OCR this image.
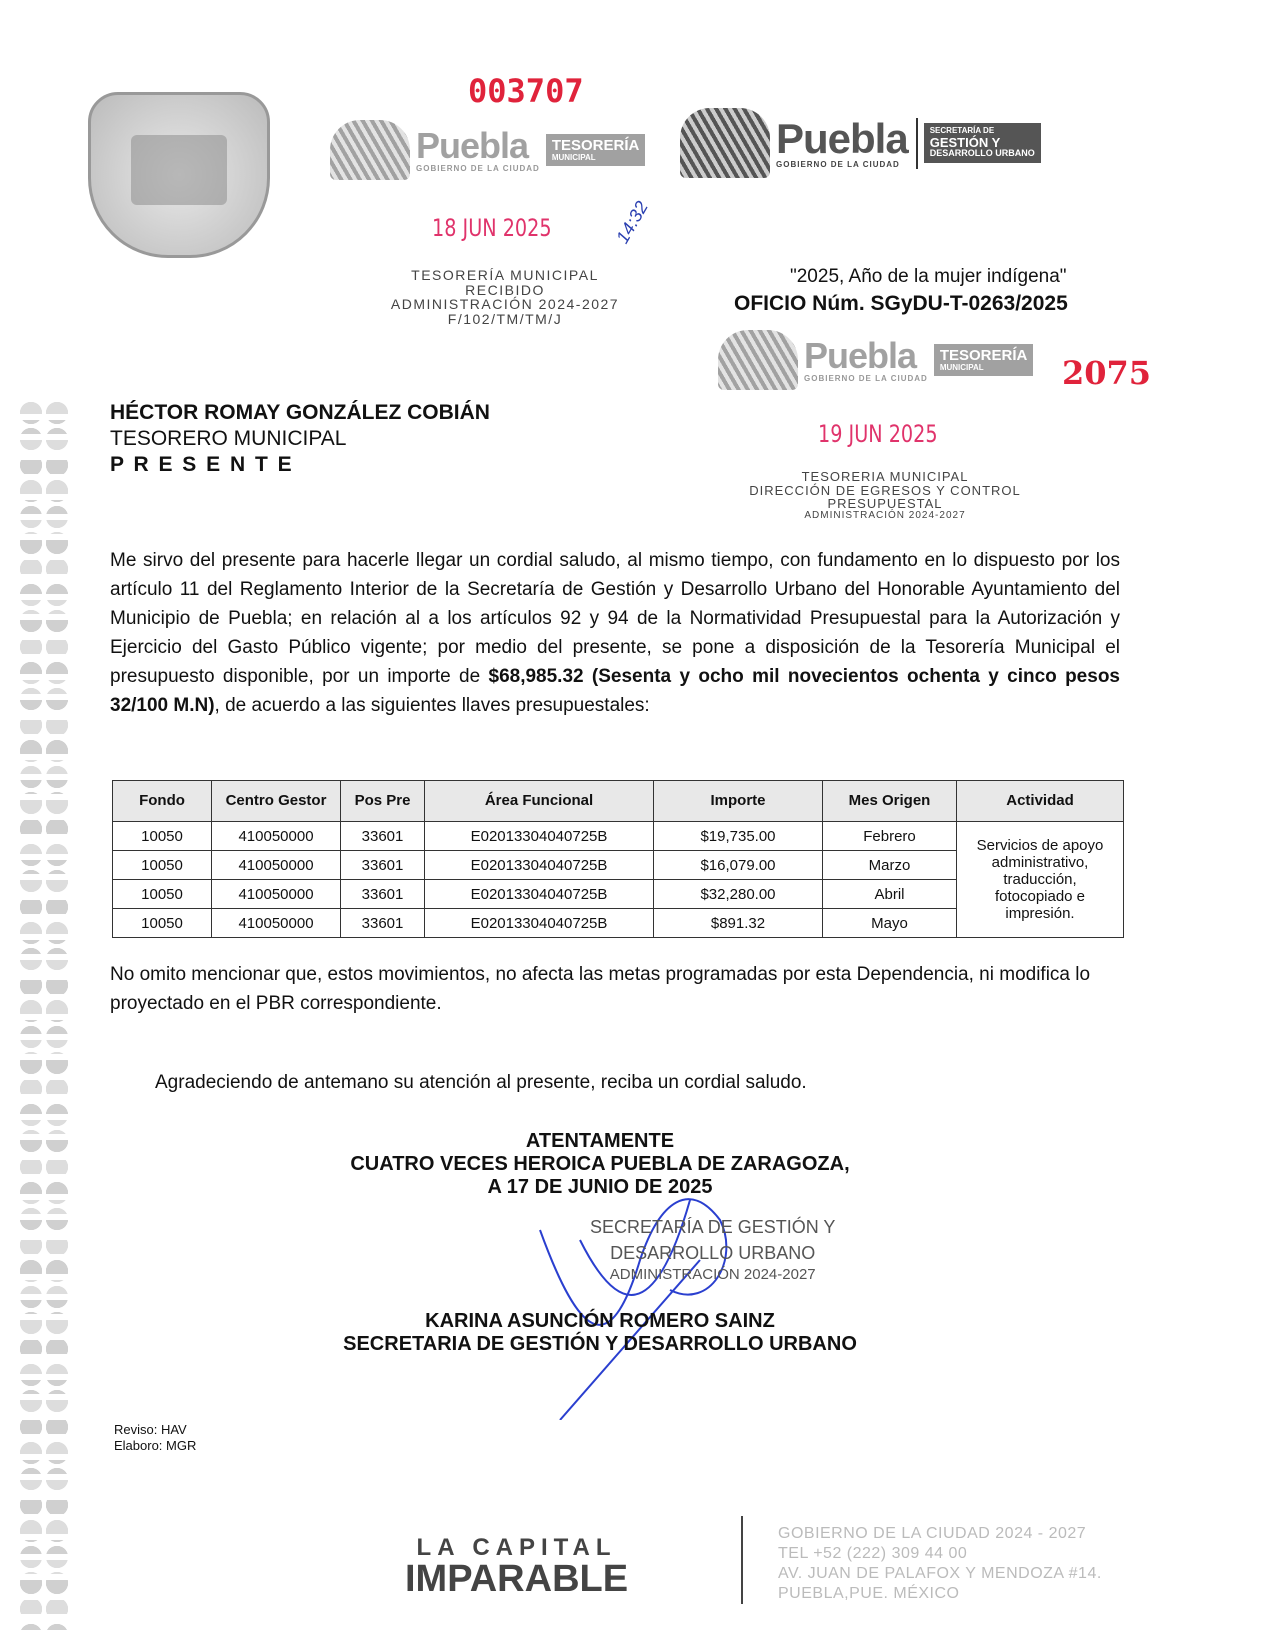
003707
Puebla
GOBIERNO DE LA CIUDAD
TESORERÍA
MUNICIPAL	Puebla
GOBIERNO DE LA CIUDAD
SECRETARÍA DE
GESTIÓN Y
DESARROLLO URBANO
18 JUN 2025	14:32
TESORERÍA MUNICIPAL
RECIBIDO
ADMINISTRACIÓN 2024-2027
F/102/TM/TM/J
"2025, Año de la mujer indígena"
OFICIO Núm. SGyDU-T-0263/2025
Puebla
GOBIERNO DE LA CIUDAD
TESORERÍA
MUNICIPAL	2075
19 JUN 2025
TESORERIA MUNICIPAL
DIRECCIÓN DE EGRESOS Y CONTROL
PRESUPUESTAL
ADMINISTRACIÓN 2024-2027
HÉCTOR ROMAY GONZÁLEZ COBIÁN
TESORERO MUNICIPAL
P R E S E N T E
Me sirvo del presente para hacerle llegar un cordial saludo, al mismo tiempo, con fundamento en lo dispuesto por los artículo 11 del Reglamento Interior de la Secretaría de Gestión y Desarrollo Urbano del Honorable Ayuntamiento del Municipio de Puebla; en relación al a los artículos 92 y 94 de la Normatividad Presupuestal para la Autorización y Ejercicio del Gasto Público vigente; por medio del presente, se pone a disposición de la Tesorería Municipal el presupuesto disponible, por un importe de $68,985.32 (Sesenta y ocho mil novecientos ochenta y cinco pesos 32/100 M.N), de acuerdo a las siguientes llaves presupuestales:
Fondo	Centro Gestor	Pos Pre	Área Funcional	Importe	Mes Origen	Actividad
10050	410050000	33601	E02013304040725B	$19,735.00	Febrero	Servicios de apoyo administrativo, traducción, fotocopiado e impresión.
10050	410050000	33601	E02013304040725B	$16,079.00	Marzo	
10050	410050000	33601	E02013304040725B	$32,280.00	Abril	
10050	410050000	33601	E02013304040725B	$891.32	Mayo	
No omito mencionar que, estos movimientos, no afecta las metas programadas por esta Dependencia, ni modifica lo proyectado en el PBR correspondiente.
Agradeciendo de antemano su atención al presente, reciba un cordial saludo.
ATENTAMENTE
CUATRO VECES HEROICA PUEBLA DE ZARAGOZA,
A 17 DE JUNIO DE 2025
SECRETARÍA DE GESTIÓN Y
DESARROLLO URBANO
ADMINISTRACIÓN 2024-2027
KARINA ASUNCIÓN ROMERO SAINZ
SECRETARIA DE GESTIÓN Y DESARROLLO URBANO
Reviso: HAV
Elaboro: MGR
LA CAPITAL
IMPARABLE
GOBIERNO DE LA CIUDAD 2024 - 2027
TEL +52 (222) 309 44 00
AV. JUAN DE PALAFOX Y MENDOZA #14.
PUEBLA,PUE. MÉXICO
